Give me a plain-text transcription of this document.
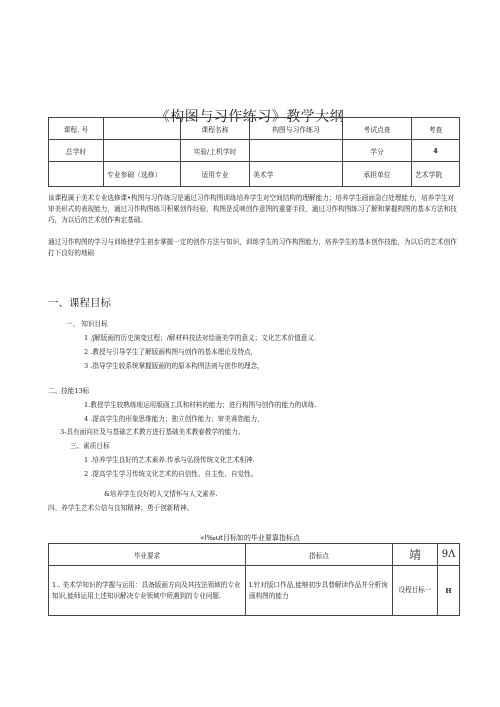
《构图与习作练习》教学大纲
课程. 号		课程名称	构图与习作练习	考试点查	考查
总学时		实验/上机学时		学分	4
	专业参础（选修）	适用专业	美术学	承担单位	艺术学院
该课程属于美术专业选修课•构图与习作练习是通过习作构图训练培养学生对空间结构的理解能力；培养学生画面急白处理能力，培养学生对审美形式的表现能力，通过习作构图练习积累创作经验，构图是反映创作意图的重要手段，通过习作构图练习了解和掌握构图的基本方法和技巧，为以后的艺术创作典定基础。
通过习作构图的学习与训练使学生初步掌握一定的创作方法与知识，训练学生的习作构图能力，培养学生的基本创作技能，为以后的艺术创作打下良好的地础
一、课程目标
一、 知识目标
1 .ʃ解版画的历史演变过程；/解材料技法对绘画美学的意义；文化艺术价值意义.
2 .教授与引导学生了解版画构图与创作的基本理论及特点，
3 .指导学生较系统掌握版画的的原本构图法则与创作的理念，
二、技能1З标
1.教授学生较熟练地运用版画工具和材料的能力；进行构图与创作的能力的训练.
4 .提高学生的形象思维能力；独立创作能力；审美赛您能力，
3-具有面向社及与基础艺术教方进行基础美术教春教学的能力。
三、素质目标
1 .培养学生良好的艺术素养.传承与弘扬传统文化艺术相神.
2 .提高学生学习传统文化艺术的自信性、自主性、自觉性。
&培养学生良好的人文情怀与人文素养.
四、养学生艺术公信与良知精神；勇于创新精神。
«l‰ut目标如的毕业要靠指标点
毕业要求	指标点	靖	9Λ
1.. 美术学知识的学握与运用：具备版画方向及其技法领域的专业知识,能师运用上述知识解决专业领域中所遇到的专业问题.	Ⅰ.针对版口作品,能够初步具替解读作品并分析询画构图的能力	设程目标一	H
